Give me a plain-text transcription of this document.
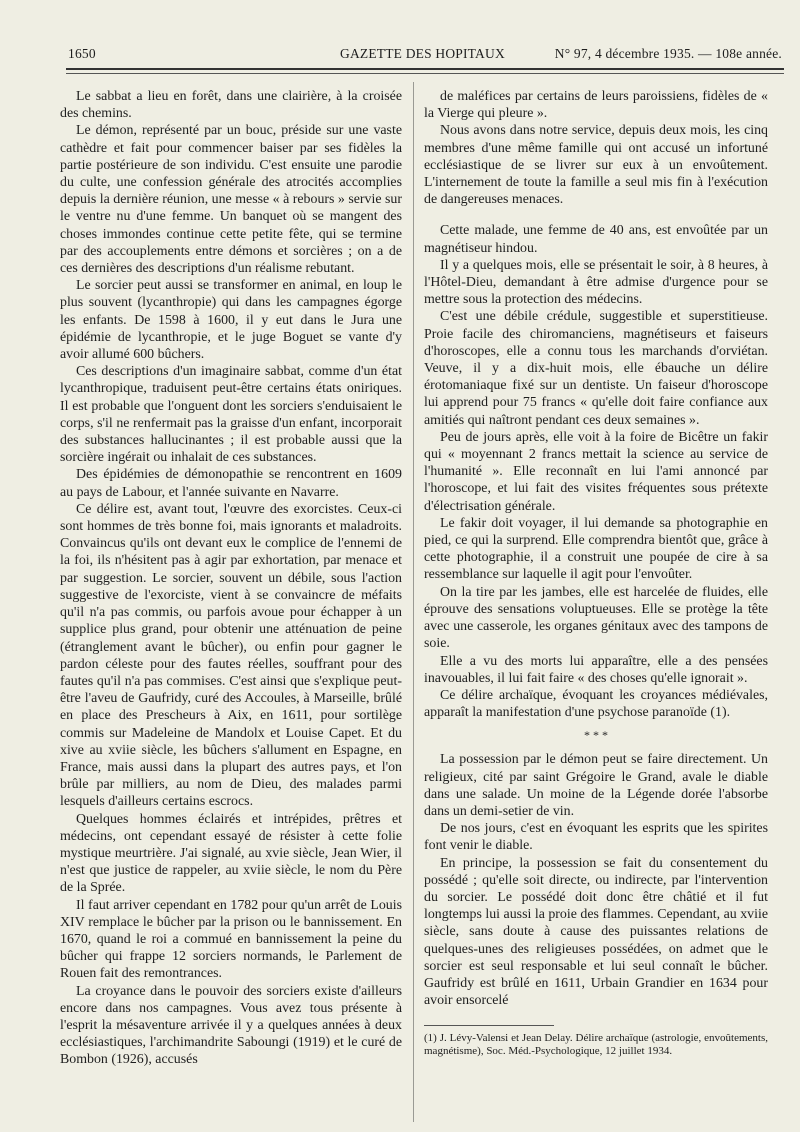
1650	GAZETTE DES HOPITAUX	N° 97, 4 décembre 1935. — 108e année.

Le sabbat a lieu en forêt, dans une clairière, à la croisée des chemins.

Le démon, représenté par un bouc, préside sur une vaste cathèdre et fait pour commencer baiser par ses fidèles la partie postérieure de son individu. C'est ensuite une parodie du culte, une confession générale des atrocités accomplies depuis la dernière réunion, une messe « à rebours » servie sur le ventre nu d'une femme. Un banquet où se mangent des choses immondes continue cette petite fête, qui se termine par des accouplements entre démons et sorcières ; on a de ces dernières des descriptions d'un réalisme rebutant.

Le sorcier peut aussi se transformer en animal, en loup le plus souvent (lycanthropie) qui dans les campagnes égorge les enfants. De 1598 à 1600, il y eut dans le Jura une épidémie de lycanthropie, et le juge Boguet se vante d'y avoir allumé 600 bûchers.

Ces descriptions d'un imaginaire sabbat, comme d'un état lycanthropique, traduisent peut-être certains états oniriques. Il est probable que l'onguent dont les sorciers s'enduisaient le corps, s'il ne renfermait pas la graisse d'un enfant, incorporait des substances hallucinantes ; il est probable aussi que la sorcière ingérait ou inhalait de ces substances.

Des épidémies de démonopathie se rencontrent en 1609 au pays de Labour, et l'année suivante en Navarre.

Ce délire est, avant tout, l'œuvre des exorcistes. Ceux-ci sont hommes de très bonne foi, mais ignorants et maladroits. Convaincus qu'ils ont devant eux le complice de l'ennemi de la foi, ils n'hésitent pas à agir par exhortation, par menace et par suggestion. Le sorcier, souvent un débile, sous l'action suggestive de l'exorciste, vient à se convaincre de méfaits qu'il n'a pas commis, ou parfois avoue pour échapper à un supplice plus grand, pour obtenir une atténuation de peine (étranglement avant le bûcher), ou enfin pour gagner le pardon céleste pour des fautes réelles, souffrant pour des fautes qu'il n'a pas commises. C'est ainsi que s'explique peut-être l'aveu de Gaufridy, curé des Accoules, à Marseille, brûlé en place des Prescheurs à Aix, en 1611, pour sortilège commis sur Madeleine de Mandolx et Louise Capet. Et du xive au xviie siècle, les bûchers s'allument en Espagne, en France, mais aussi dans la plupart des autres pays, et l'on brûle par milliers, au nom de Dieu, des malades parmi lesquels d'ailleurs certains escrocs.

Quelques hommes éclairés et intrépides, prêtres et médecins, ont cependant essayé de résister à cette folie mystique meurtrière. J'ai signalé, au xvie siècle, Jean Wier, il n'est que justice de rappeler, au xviie siècle, le nom du Père de la Sprée.

Il faut arriver cependant en 1782 pour qu'un arrêt de Louis XIV remplace le bûcher par la prison ou le bannissement. En 1670, quand le roi a commué en bannissement la peine du bûcher qui frappe 12 sorciers normands, le Parlement de Rouen fait des remontrances.

La croyance dans le pouvoir des sorciers existe d'ailleurs encore dans nos campagnes. Vous avez tous présente à l'esprit la mésaventure arrivée il y a quelques années à deux ecclésiastiques, l'archimandrite Saboungi (1919) et le curé de Bombon (1926), accusés

de maléfices par certains de leurs paroissiens, fidèles de « la Vierge qui pleure ».

Nous avons dans notre service, depuis deux mois, les cinq membres d'une même famille qui ont accusé un infortuné ecclésiastique de se livrer sur eux à un envoûtement. L'internement de toute la famille a seul mis fin à l'exécution de dangereuses menaces.

Cette malade, une femme de 40 ans, est envoûtée par un magnétiseur hindou.

Il y a quelques mois, elle se présentait le soir, à 8 heures, à l'Hôtel-Dieu, demandant à être admise d'urgence pour se mettre sous la protection des médecins.

C'est une débile crédule, suggestible et superstitieuse. Proie facile des chiromanciens, magnétiseurs et faiseurs d'horoscopes, elle a connu tous les marchands d'orviétan. Veuve, il y a dix-huit mois, elle ébauche un délire érotomaniaque fixé sur un dentiste. Un faiseur d'horoscope lui apprend pour 75 francs « qu'elle doit faire confiance aux amitiés qui naîtront pendant ces deux semaines ».

Peu de jours après, elle voit à la foire de Bicêtre un fakir qui « moyennant 2 francs mettait la science au service de l'humanité ». Elle reconnaît en lui l'ami annoncé par l'horoscope, et lui fait des visites fréquentes sous prétexte d'électrisation générale.

Le fakir doit voyager, il lui demande sa photographie en pied, ce qui la surprend. Elle comprendra bientôt que, grâce à cette photographie, il a construit une poupée de cire à sa ressemblance sur laquelle il agit pour l'envoûter.

On la tire par les jambes, elle est harcelée de fluides, elle éprouve des sensations voluptueuses. Elle se protège la tête avec une casserole, les organes génitaux avec des tampons de soie.

Elle a vu des morts lui apparaître, elle a des pensées inavouables, il lui fait faire « des choses qu'elle ignorait ».

Ce délire archaïque, évoquant les croyances médiévales, apparaît la manifestation d'une psychose paranoïde (1).

* * *

La possession par le démon peut se faire directement. Un religieux, cité par saint Grégoire le Grand, avale le diable dans une salade. Un moine de la Légende dorée l'absorbe dans un demi-setier de vin.

De nos jours, c'est en évoquant les esprits que les spirites font venir le diable.

En principe, la possession se fait du consentement du possédé ; qu'elle soit directe, ou indirecte, par l'intervention du sorcier. Le possédé doit donc être châtié et il fut longtemps lui aussi la proie des flammes. Cependant, au xviie siècle, sans doute à cause des puissantes relations de quelques-unes des religieuses possédées, on admet que le sorcier est seul responsable et lui seul connaît le bûcher. Gaufridy est brûlé en 1611, Urbain Grandier en 1634 pour avoir ensorcelé

(1) J. Lévy-Valensi et Jean Delay. Délire archaïque (astrologie, envoûtements, magnétisme), Soc. Méd.-Psychologique, 12 juillet 1934.
